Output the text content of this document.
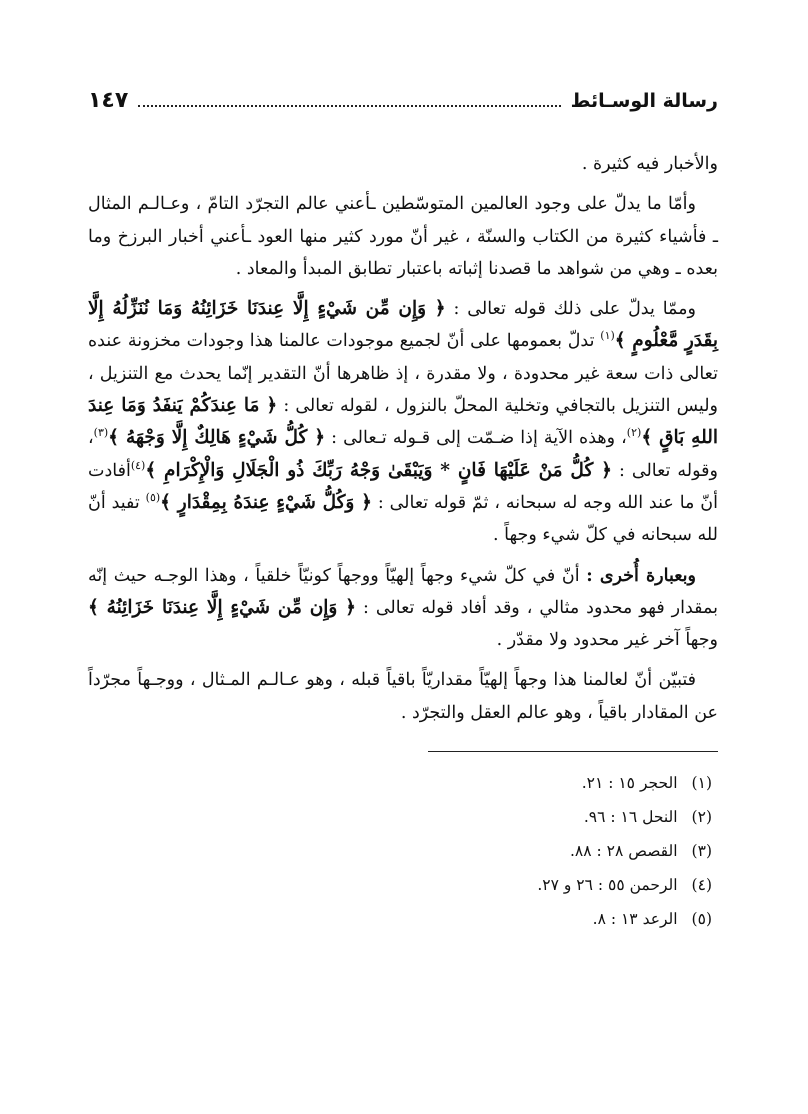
رسالة الوسـائط
١٤٧

والأخبار فيه كثيرة .

وأمّا ما يدلّ على وجود العالمين المتوسّطين ـأعني عالم التجرّد التامّ ، وعـالـم المثال ـ فأشياء كثيرة من الكتاب والسنّة ، غير أنّ مورد كثير منها العود ـأعني أخبار البرزخ وما بعده ـ وهي من شواهد ما قصدنا إثباته باعتبار تطابق المبدأ والمعاد .

وممّا يدلّ على ذلك قوله تعالى : ﴿ وَإِن مِّن شَيْءٍ إِلَّا عِندَنَا خَزَائِنُهُ وَمَا نُنَزِّلُهُ إِلَّا بِقَدَرٍ مَّعْلُومٍ ﴾$^{(١)}$ تدلّ بعمومها على أنّ لجميع موجودات عالمنا هذا وجودات مخزونة عنده تعالى ذات سعة غير محدودة ، ولا مقدرة ، إذ ظاهرها أنّ التقدير إنّما يحدث مع التنزيل ، وليس التنزيل بالتجافي وتخلية المحلّ بالنزول ، لقوله تعالى : ﴿ مَا عِندَكُمْ يَنفَدُ وَمَا عِندَ اللهِ بَاقٍ ﴾$^{(٢)}$، وهذه الآية إذا ضـمّت إلى قـوله تـعالى : ﴿ كُلُّ شَيْءٍ هَالِكٌ إِلَّا وَجْهَهُ ﴾$^{(٣)}$، وقوله تعالى : ﴿ كُلُّ مَنْ عَلَيْهَا فَانٍ * وَيَبْقَىٰ وَجْهُ رَبِّكَ ذُو الْجَلَالِ وَالْإِكْرَامِ ﴾$^{(٤)}$أفادت أنّ ما عند الله وجه له سبحانه ، ثمّ قوله تعالى : ﴿ وَكُلُّ شَيْءٍ عِندَهُ بِمِقْدَارٍ ﴾$^{(٥)}$ تفيد أنّ لله سبحانه في كلّ شيء وجهاً .

وبعبارة أُخرى : أنّ في كلّ شيء وجهاً إلهيّاً ووجهاً كونيّاً خلقياً ، وهذا الوجـه حيث إنّه بمقدار فهو محدود مثالي ، وقد أفاد قوله تعالى : ﴿ وَإِن مِّن شَيْءٍ إِلَّا عِندَنَا خَزَائِنُهُ ﴾ وجهاً آخر غير محدود ولا مقدّر .

فتبيّن أنّ لعالمنا هذا وجهاً إلهيّاً مقداريّاً باقياً قبله ، وهو عـالـم المـثال ، ووجـهاً مجرّداً عن المقادار باقياً ، وهو عالم العقل والتجرّد .

(١)
الحجر ١٥ : ٢١.
(٢)
النحل ١٦ : ٩٦.
(٣)
القصص ٢٨ : ٨٨.
(٤)
الرحمن ٥٥ : ٢٦ و ٢٧.
(٥)
الرعد ١٣ : ٨.
